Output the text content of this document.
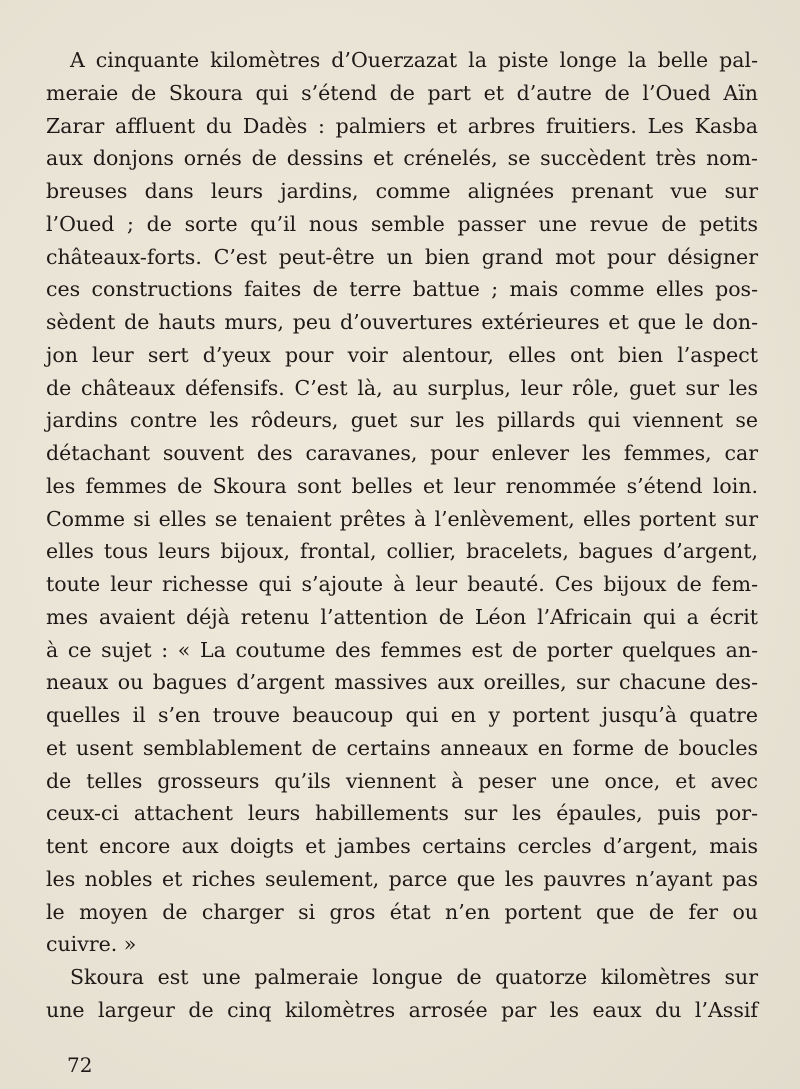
A cinquante kilomètres d’Ouerzazat la piste longe la belle pal-
meraie de Skoura qui s’étend de part et d’autre de l’Oued Aïn
Zarar affluent du Dadès : palmiers et arbres fruitiers. Les Kasba
aux donjons ornés de dessins et crénelés, se succèdent très nom-
breuses dans leurs jardins, comme alignées prenant vue sur
l’Oued ; de sorte qu’il nous semble passer une revue de petits
châteaux-forts. C’est peut-être un bien grand mot pour désigner
ces constructions faites de terre battue ; mais comme elles pos-
sèdent de hauts murs, peu d’ouvertures extérieures et que le don-
jon leur sert d’yeux pour voir alentour, elles ont bien l’aspect
de châteaux défensifs. C’est là, au surplus, leur rôle, guet sur les
jardins contre les rôdeurs, guet sur les pillards qui viennent se
détachant souvent des caravanes, pour enlever les femmes, car
les femmes de Skoura sont belles et leur renommée s’étend loin.
Comme si elles se tenaient prêtes à l’enlèvement, elles portent sur
elles tous leurs bijoux, frontal, collier, bracelets, bagues d’argent,
toute leur richesse qui s’ajoute à leur beauté. Ces bijoux de fem-
mes avaient déjà retenu l’attention de Léon l’Africain qui a écrit
à ce sujet : « La coutume des femmes est de porter quelques an-
neaux ou bagues d’argent massives aux oreilles, sur chacune des-
quelles il s’en trouve beaucoup qui en y portent jusqu’à quatre
et usent semblablement de certains anneaux en forme de boucles
de telles grosseurs qu’ils viennent à peser une once, et avec
ceux-ci attachent leurs habillements sur les épaules, puis por-
tent encore aux doigts et jambes certains cercles d’argent, mais
les nobles et riches seulement, parce que les pauvres n’ayant pas
le moyen de charger si gros état n’en portent que de fer ou
cuivre. »
Skoura est une palmeraie longue de quatorze kilomètres sur
une largeur de cinq kilomètres arrosée par les eaux du l’Assif
72
